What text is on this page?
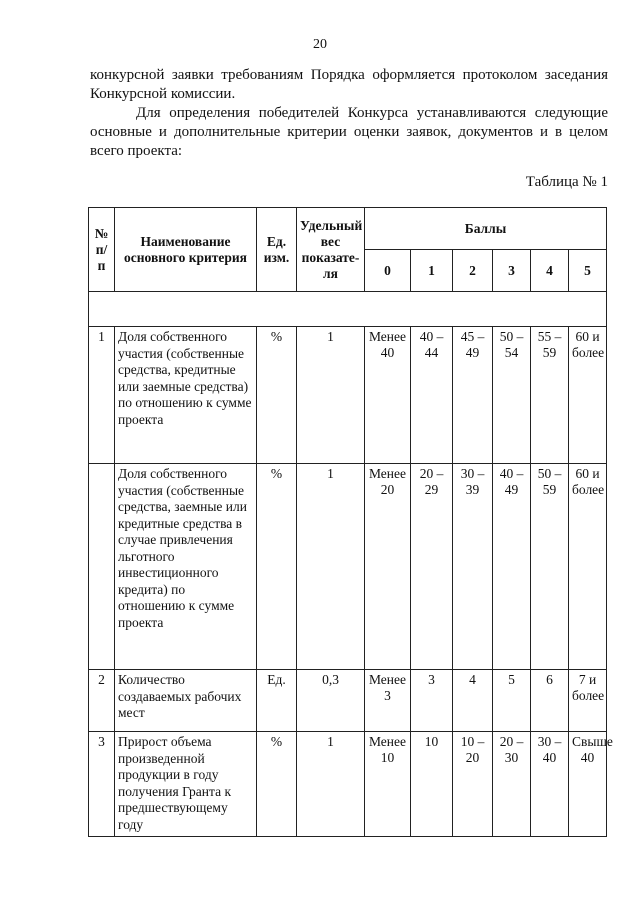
20
конкурсной заявки требованиям Порядка оформляется протоколом заседания Конкурсной комиссии.
Для определения победителей Конкурса устанавливаются следующие основные и дополнительные критерии оценки заявок, документов и в целом всего проекта:
Таблица № 1
№ п/п	Наименование основного критерия	Ед. изм.	Удельный вес показате-ля	Баллы					
				0	1	2	3	4	5

1	Доля собственного участия (собственные средства, кредитные или заемные средства) по отношению к сумме проекта	%	1	Менее 40	40 – 44	45 – 49	50 – 54	55 – 59	60 и более
	Доля собственного участия (собственные средства, заемные или кредитные средства в случае привлечения льготного инвестиционного кредита) по отношению к сумме проекта	%	1	Менее 20	20 – 29	30 – 39	40 – 49	50 – 59	60 и более
2	Количество создаваемых рабочих мест	Ед.	0,3	Менее 3	3	4	5	6	7 и более
3	Прирост объема произведенной продукции в году получения Гранта к предшествующему году	%	1	Менее 10	10	10 – 20	20 – 30	30 – 40	Свыше 40
